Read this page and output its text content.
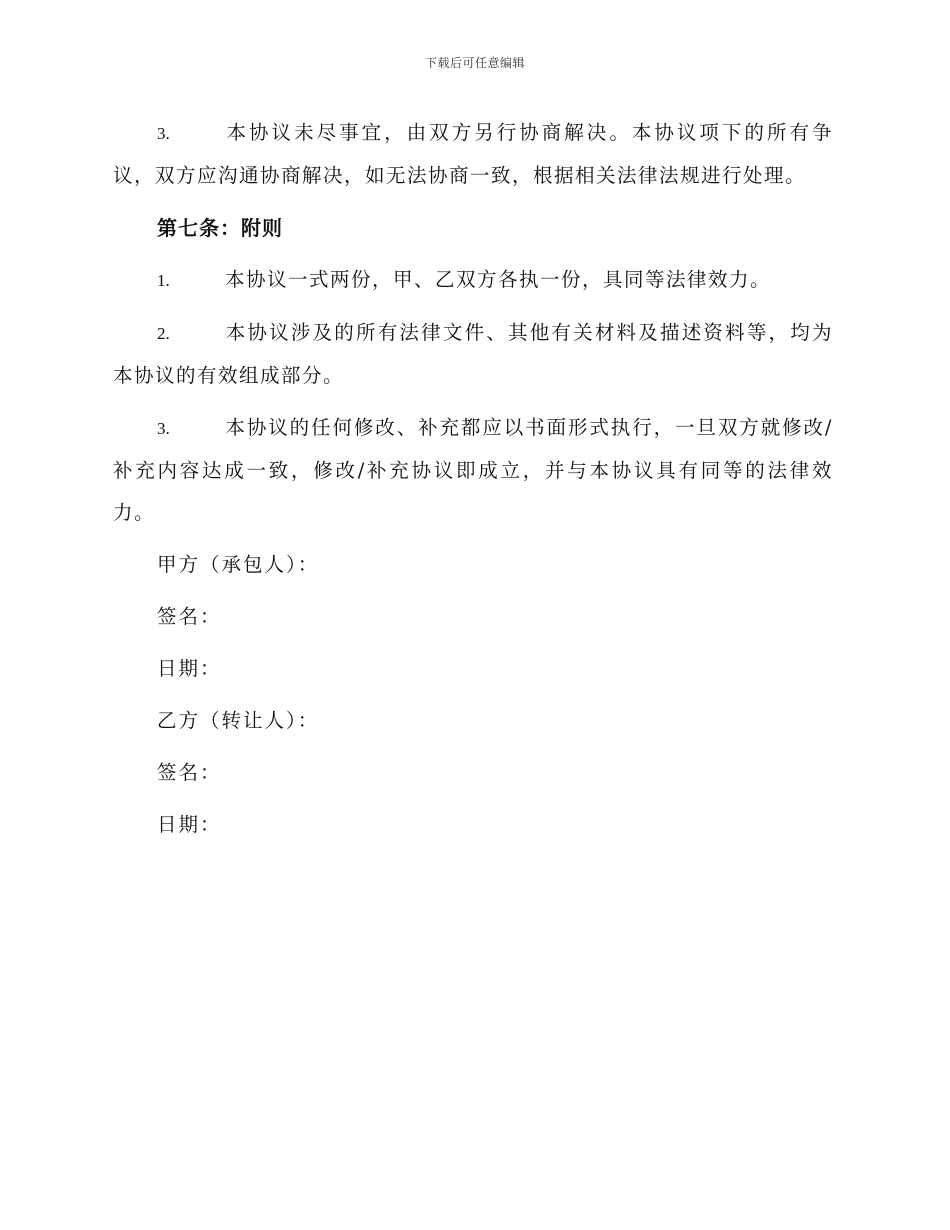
下载后可任意编辑

3.	本协议未尽事宜，由双方另行协商解决。本协议项下的所有争议，双方应沟通协商解决，如无法协商一致，根据相关法律法规进行处理。

第七条：附则

1.	本协议一式两份，甲、乙双方各执一份，具同等法律效力。

2.	本协议涉及的所有法律文件、其他有关材料及描述资料等，均为本协议的有效组成部分。

3.	本协议的任何修改、补充都应以书面形式执行，一旦双方就修改/补充内容达成一致，修改/补充协议即成立，并与本协议具有同等的法律效力。

甲方（承包人）：

签名：

日期：

乙方（转让人）：

签名：

日期：
